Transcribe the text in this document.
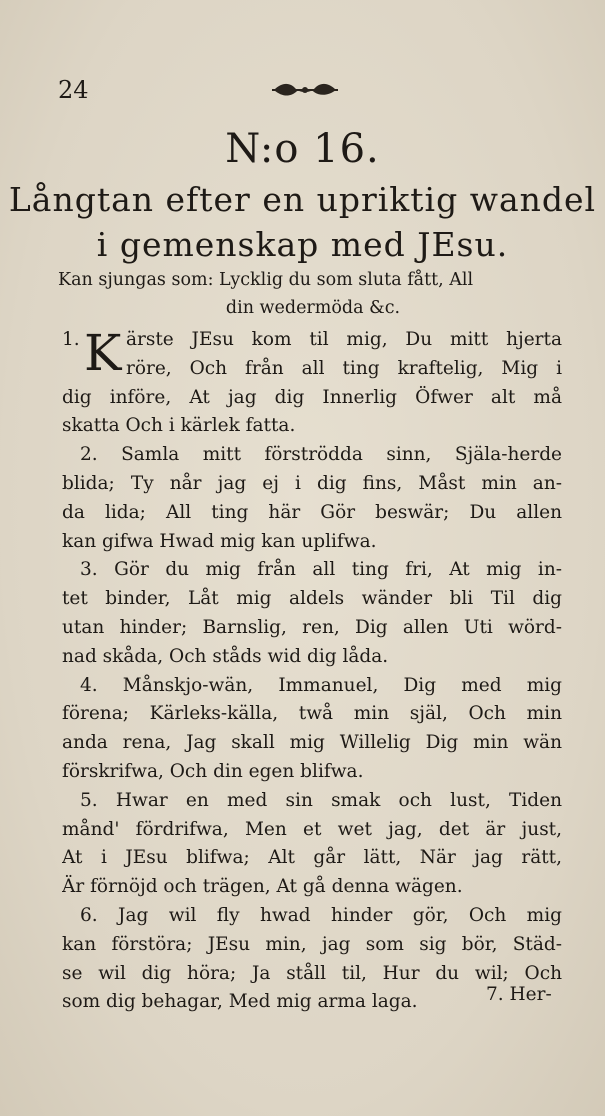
24
N:o 16.
Långtan efter en upriktig wandel
i gemenskap med JEsu.
Kan sjungas som: Lycklig du som sluta fått, All
din wedermöda &c.
K
1.	ärste JEsu kom til mig, Du mitt hjerta
röre, Och från all ting kraftelig, Mig i
dig införe, At jag dig Innerlig Öfwer alt må
skatta Och i kärlek fatta.
2. Samla mitt förströdda sinn, Själa-herde
blida; Ty når jag ej i dig fins, Måst min an-
da lida; All ting här Gör beswär; Du allen
kan gifwa Hwad mig kan uplifwa.
3. Gör du mig från all ting fri, At mig in-
tet binder, Låt mig aldels wänder bli Til dig
utan hinder; Barnslig, ren, Dig allen Uti wörd-
nad skåda, Och ståds wid dig låda.
4. Månskjo-wän, Immanuel, Dig med mig
förena; Kärleks-källa, twå min själ, Och min
anda rena, Jag skall mig Willelig Dig min wän
förskrifwa, Och din egen blifwa.
5. Hwar en med sin smak och lust, Tiden
månd' fördrifwa, Men et wet jag, det är just,
At i JEsu blifwa; Alt går lätt, När jag rätt,
Är förnöjd och trägen, At gå denna wägen.
6. Jag wil fly hwad hinder gör, Och mig
kan förstöra; JEsu min, jag som sig bör, Städ-
se wil dig höra; Ja ståll til, Hur du wil; Och
som dig behagar, Med mig arma laga.	7. Her-
